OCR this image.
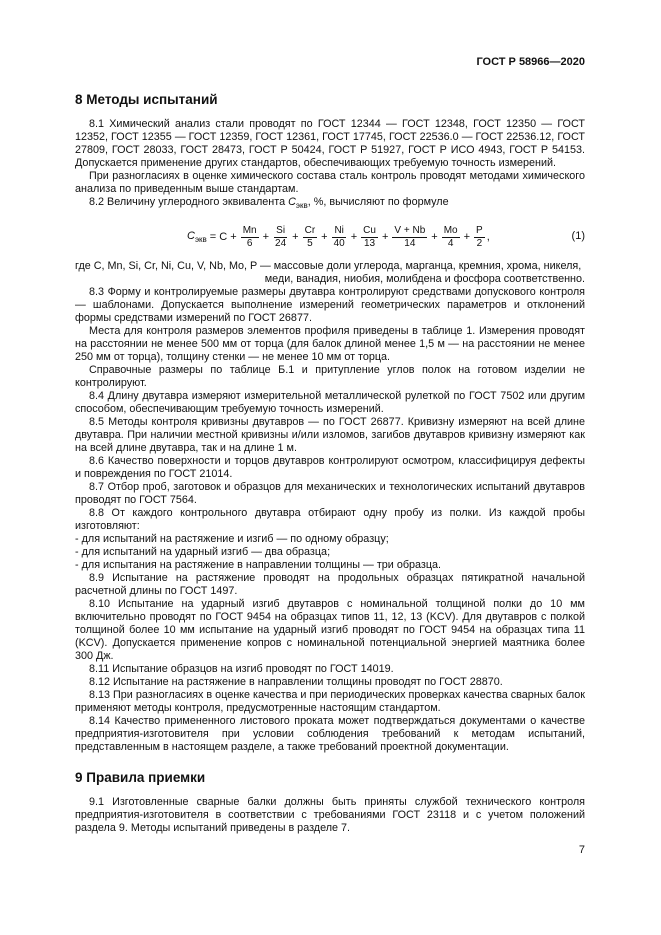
ГОСТ Р 58966—2020
8 Методы испытаний

8.1 Химический анализ стали проводят по ГОСТ 12344 — ГОСТ 12348, ГОСТ 12350 — ГОСТ 12352, ГОСТ 12355 — ГОСТ 12359, ГОСТ 12361, ГОСТ 17745, ГОСТ 22536.0 — ГОСТ 22536.12, ГОСТ 27809, ГОСТ 28033, ГОСТ 28473, ГОСТ Р 50424, ГОСТ Р 51927, ГОСТ Р ИСО 4943, ГОСТ Р 54153. Допускается применение других стандартов, обеспечивающих требуемую точность измерений.

При разногласиях в оценке химического состава сталь контроль проводят методами химического анализа по приведенным выше стандартам.

8.2 Величину углеродного эквивалента $C_{экв}$, %, вычисляют по формуле

$C_{экв} = C + \frac{Mn}{6} + \frac{Si}{24} + \frac{Cr}{5} + \frac{Ni}{40} + \frac{Cu}{13} + \frac{V + Nb}{14} + \frac{Mo}{4} + \frac{P}{2}$ ,	(1)

где C, Mn, Si, Cr, Ni, Cu, V, Nb, Mo, P — массовые доли углерода, марганца, кремния, хрома, никеля,

меди, ванадия, ниобия, молибдена и фосфора соответственно.

8.3 Форму и контролируемые размеры двутавра контролируют средствами допускового контроля — шаблонами. Допускается выполнение измерений геометрических параметров и отклонений формы средствами измерений по ГОСТ 26877.

Места для контроля размеров элементов профиля приведены в таблице 1. Измерения проводят на расстоянии не менее 500 мм от торца (для балок длиной менее 1,5 м — на расстоянии не менее 250 мм от торца), толщину стенки — не менее 10 мм от торца.

Справочные размеры по таблице Б.1 и притупление углов полок на готовом изделии не контролируют.

8.4 Длину двутавра измеряют измерительной металлической рулеткой по ГОСТ 7502 или другим способом, обеспечивающим требуемую точность измерений.

8.5 Методы контроля кривизны двутавров — по ГОСТ 26877. Кривизну измеряют на всей длине двутавра. При наличии местной кривизны и/или изломов, загибов двутавров кривизну измеряют как на всей длине двутавра, так и на длине 1 м.

8.6 Качество поверхности и торцов двутавров контролируют осмотром, классифицируя дефекты и повреждения по ГОСТ 21014.

8.7 Отбор проб, заготовок и образцов для механических и технологических испытаний двутавров проводят по ГОСТ 7564.

8.8 От каждого контрольного двутавра отбирают одну пробу из полки. Из каждой пробы изготовляют:

- для испытаний на растяжение и изгиб — по одному образцу;

- для испытаний на ударный изгиб — два образца;

- для испытания на растяжение в направлении толщины — три образца.

8.9 Испытание на растяжение проводят на продольных образцах пятикратной начальной расчетной длины по ГОСТ 1497.

8.10 Испытание на ударный изгиб двутавров с номинальной толщиной полки до 10 мм включительно проводят по ГОСТ 9454 на образцах типов 11, 12, 13 (KCV). Для двутавров с полкой толщиной более 10 мм испытание на ударный изгиб проводят по ГОСТ 9454 на образцах типа 11 (KCV). Допускается применение копров с номинальной потенциальной энергией маятника более 300 Дж.

8.11 Испытание образцов на изгиб проводят по ГОСТ 14019.

8.12 Испытание на растяжение в направлении толщины проводят по ГОСТ 28870.

8.13 При разногласиях в оценке качества и при периодических проверках качества сварных балок применяют методы контроля, предусмотренные настоящим стандартом.

8.14 Качество примененного листового проката может подтверждаться документами о качестве предприятия-изготовителя при условии соблюдения требований к методам испытаний, представленным в настоящем разделе, а также требований проектной документации.

9 Правила приемки

9.1 Изготовленные сварные балки должны быть приняты службой технического контроля предприятия-изготовителя в соответствии с требованиями ГОСТ 23118 и с учетом положений раздела 9. Методы испытаний приведены в разделе 7.

7
